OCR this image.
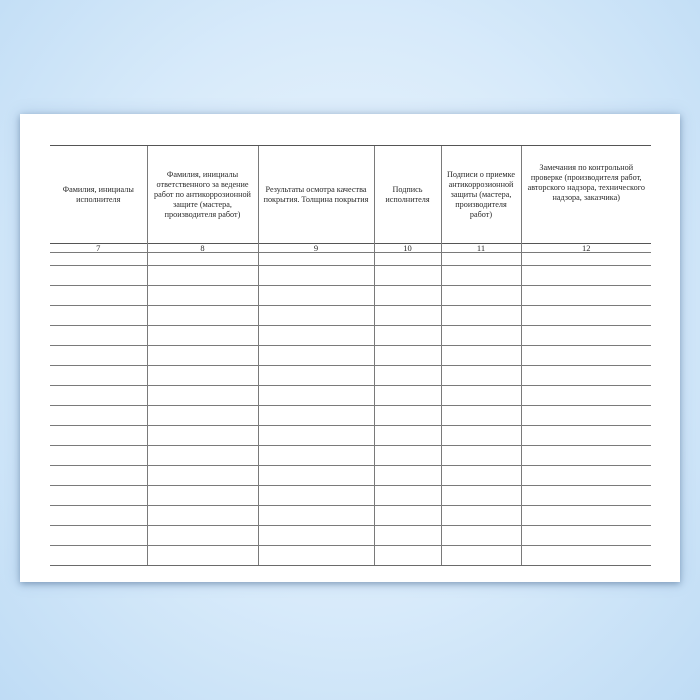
Фамилия, инициалы исполнителя	Фамилия, инициалы ответственного за ведение работ по антикоррозионной защите (мастера, производителя работ)	Результаты осмотра качества покрытия. Толщина покрытия	Подпись исполнителя	Подписи о приемке антикоррозионной защиты (мастера, производителя работ)	Замечания по контрольной проверке (производителя работ, авторского надзора, технического надзора, заказчика)
7	8	9	10	11	12
